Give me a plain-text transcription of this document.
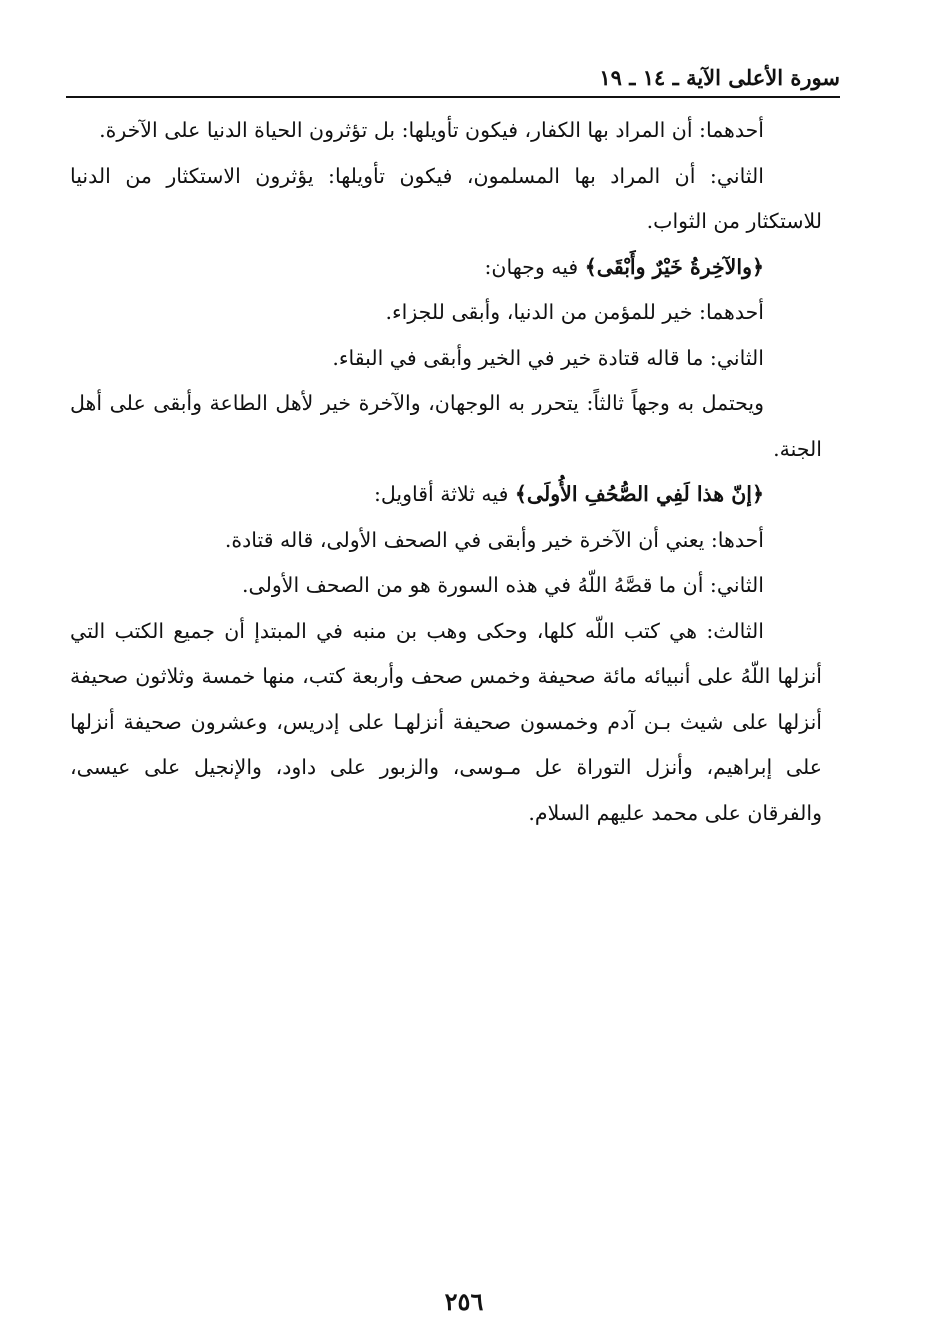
سورة الأعلى الآية ـ ١٤ ـ ١٩

أحدهما: أن المراد بها الكفار، فيكون تأويلها: بل تؤثرون الحياة الدنيا على الآخرة.

الثاني: أن المراد بها المسلمون، فيكون تأويلها: يؤثرون الاستكثار من الدنيا للاستكثار من الثواب.

﴿والآخِرةُ خَيْرٌ وأَبْقَى﴾ فيه وجهان:

أحدهما: خير للمؤمن من الدنيا، وأبقى للجزاء.

الثاني: ما قاله قتادة خير في الخير وأبقى في البقاء.

ويحتمل به وجهاً ثالثاً: يتحرر به الوجهان، والآخرة خير لأهل الطاعة وأبقى على أهل الجنة.

﴿إنّ هذا لَفِي الصُّحُفِ الأُولَى﴾ فيه ثلاثة أقاويل:

أحدها: يعني أن الآخرة خير وأبقى في الصحف الأولى، قاله قتادة.

الثاني: أن ما قصَّهُ اللّهُ في هذه السورة هو من الصحف الأولى.

الثالث: هي كتب اللّه كلها، وحكى وهب بن منبه في المبتدإ أن جميع الكتب التي أنزلها اللّهُ على أنبيائه مائة صحيفة وخمس صحف وأربعة كتب، منها خمسة وثلاثون صحيفة أنزلها على شيث بـن آدم وخمسون صحيفة أنزلهـا على إدريس، وعشرون صحيفة أنزلها على إبراهيم، وأنزل التوراة عل مـوسى، والزبور على داود، والإنجيل على عيسى، والفرقان على محمد عليهم السلام.

٢٥٦
